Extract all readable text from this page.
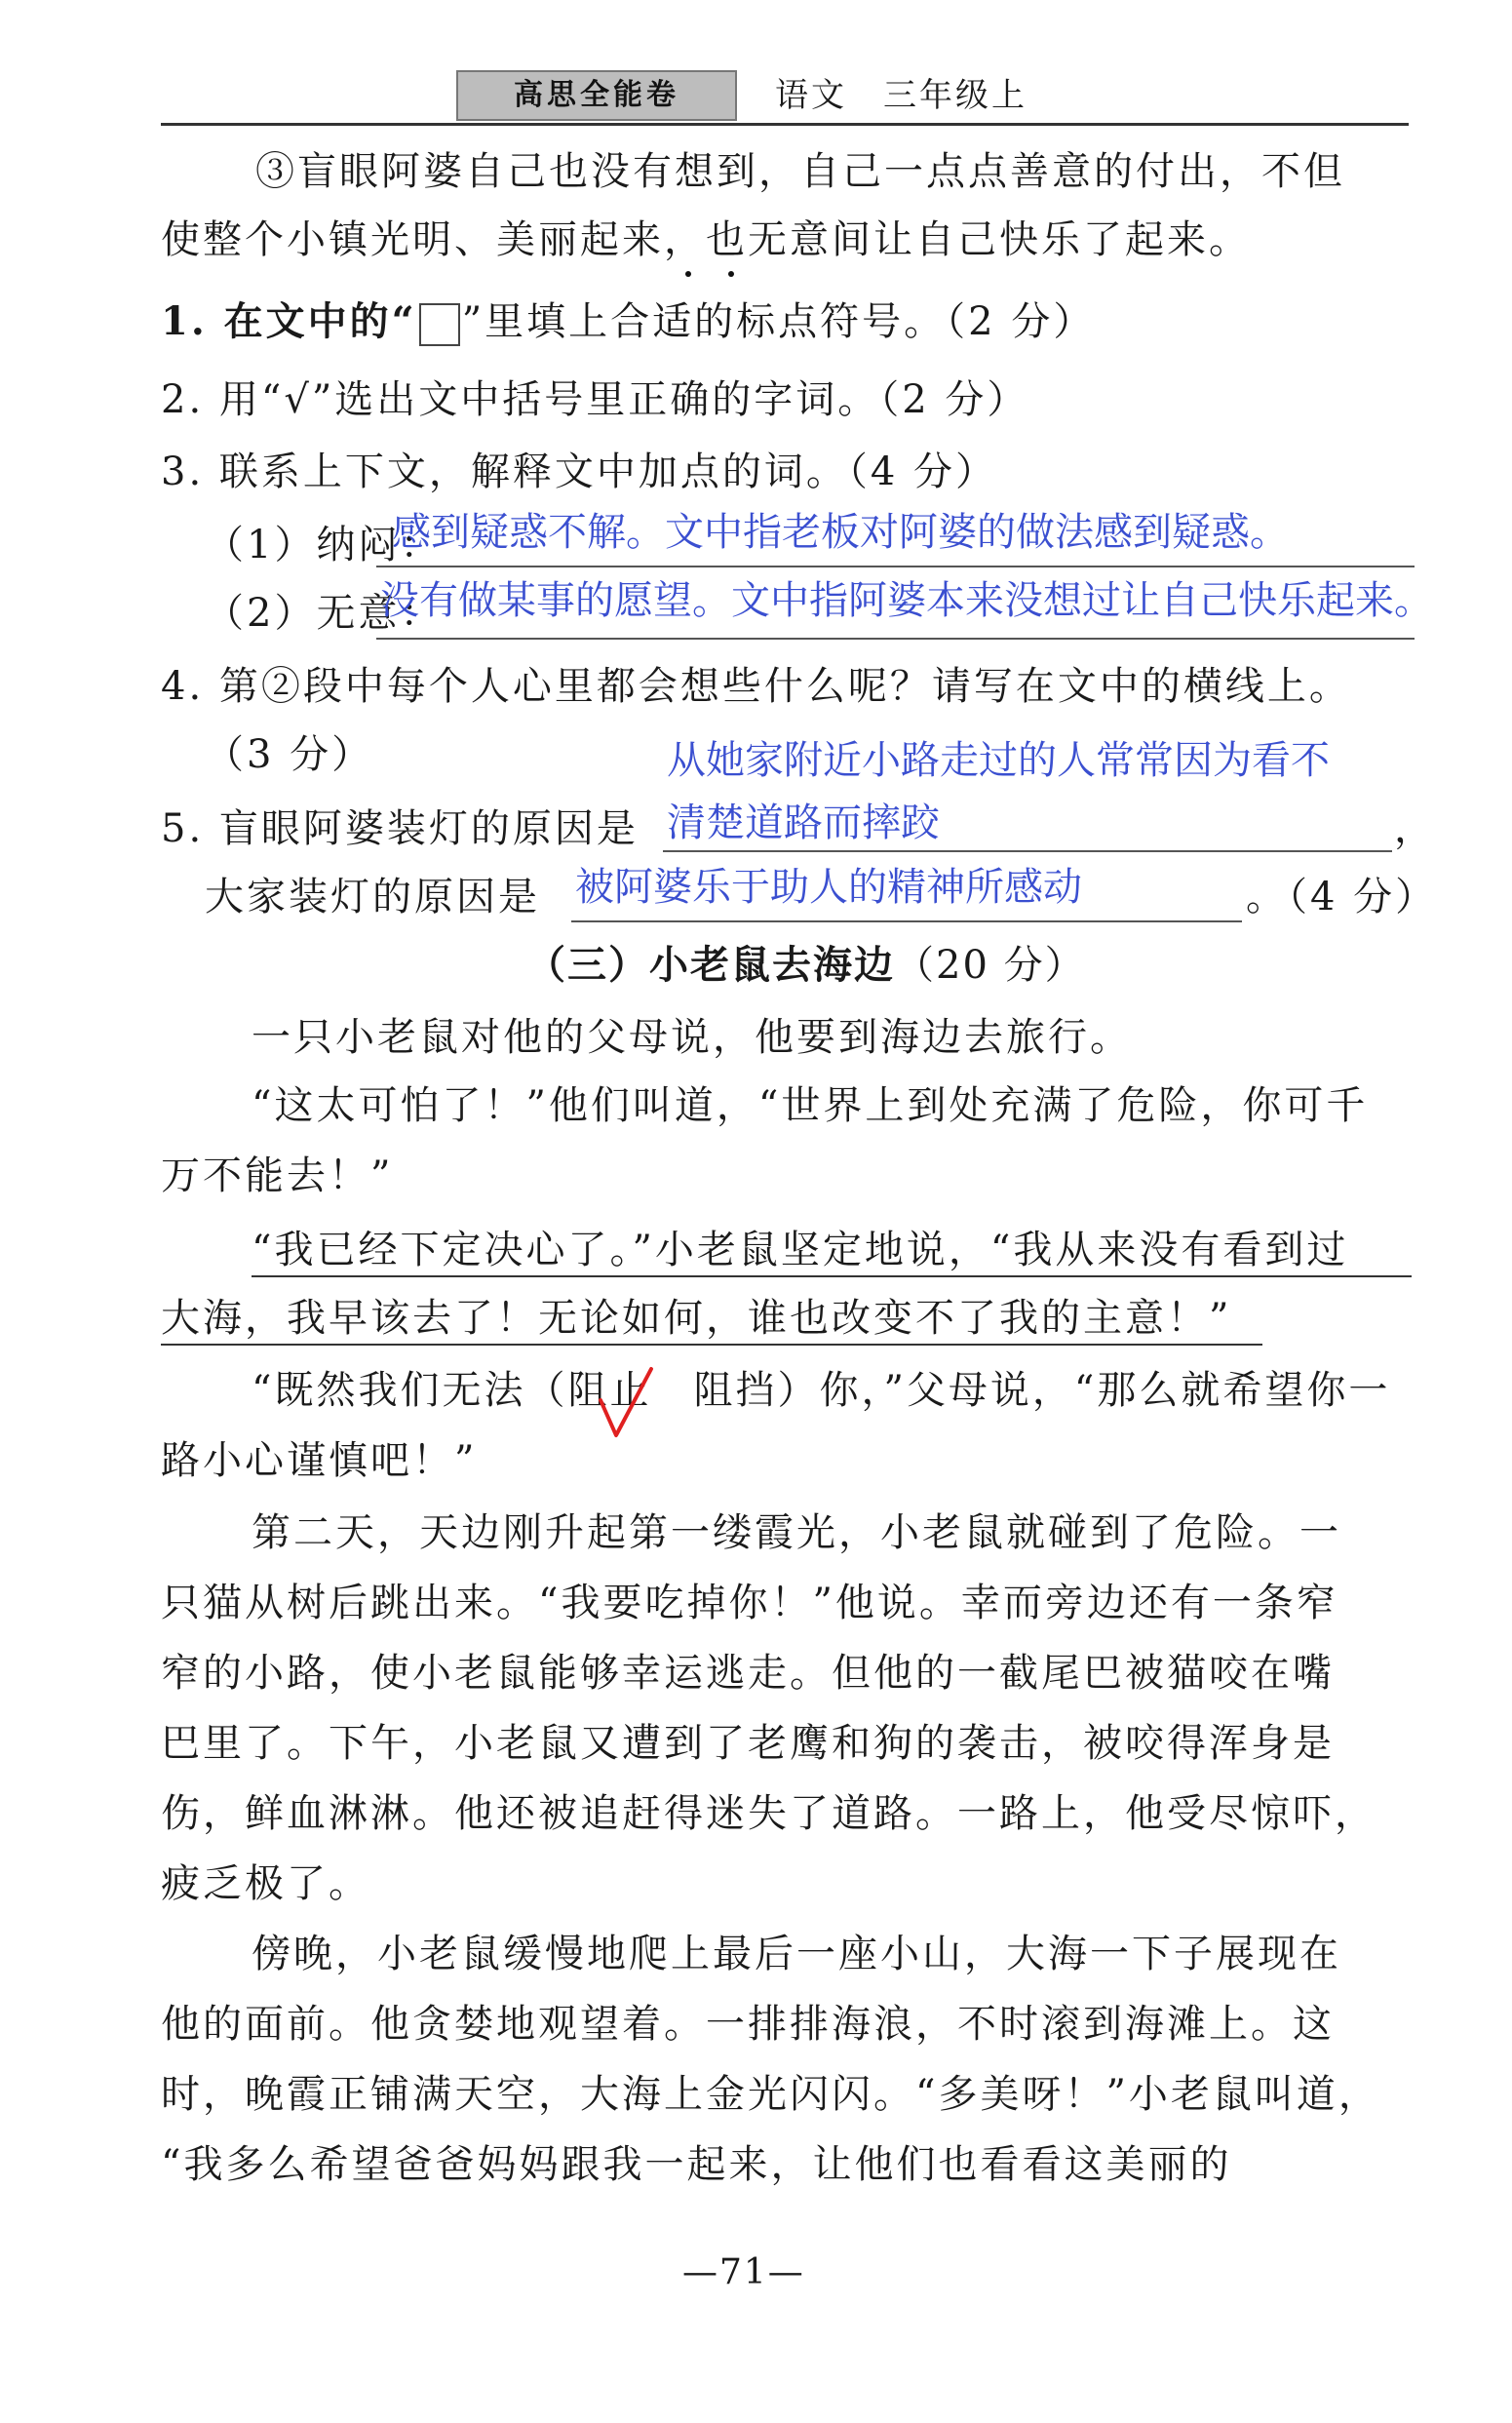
高思全能卷	语文　三年级上
③盲眼阿婆自己也没有想到，自己一点点善意的付出，不但
使整个小镇光明、美丽起来，也无意间让自己快乐了起来。
1. 在文中的“ ”里填上合适的标点符号。（2 分）
2. 用“√”选出文中括号里正确的字词。（2 分）
3. 联系上下文，解释文中加点的词。（4 分）
（1）纳闷：
感到疑惑不解。文中指老板对阿婆的做法感到疑惑。
（2）无意：
没有做某事的愿望。文中指阿婆本来没想过让自己快乐起来。
4. 第②段中每个人心里都会想些什么呢？请写在文中的横线上。
（3 分）	从她家附近小路走过的人常常因为看不
5. 盲眼阿婆装灯的原因是 清楚道路而摔跤	，
大家装灯的原因是 被阿婆乐于助人的精神所感动	。（4 分）
（三）小老鼠去海边（20 分）
一只小老鼠对他的父母说，他要到海边去旅行。
“这太可怕了！”他们叫道，“世界上到处充满了危险，你可千
万不能去！”
“我已经下定决心了。”小老鼠坚定地说，“我从来没有看到过
大海，我早该去了！无论如何，谁也改变不了我的主意！”
“既然我们无法（阻止　阻挡）你，”父母说，“那么就希望你一
路小心谨慎吧！”
第二天，天边刚升起第一缕霞光，小老鼠就碰到了危险。一
只猫从树后跳出来。“我要吃掉你！”他说。幸而旁边还有一条窄
窄的小路，使小老鼠能够幸运逃走。但他的一截尾巴被猫咬在嘴
巴里了。下午，小老鼠又遭到了老鹰和狗的袭击，被咬得浑身是
伤，鲜血淋淋。他还被追赶得迷失了道路。一路上，他受尽惊吓，
疲乏极了。
傍晚，小老鼠缓慢地爬上最后一座小山，大海一下子展现在
他的面前。他贪婪地观望着。一排排海浪，不时滚到海滩上。这
时，晚霞正铺满天空，大海上金光闪闪。“多美呀！”小老鼠叫道，
“我多么希望爸爸妈妈跟我一起来，让他们也看看这美丽的
—71—
